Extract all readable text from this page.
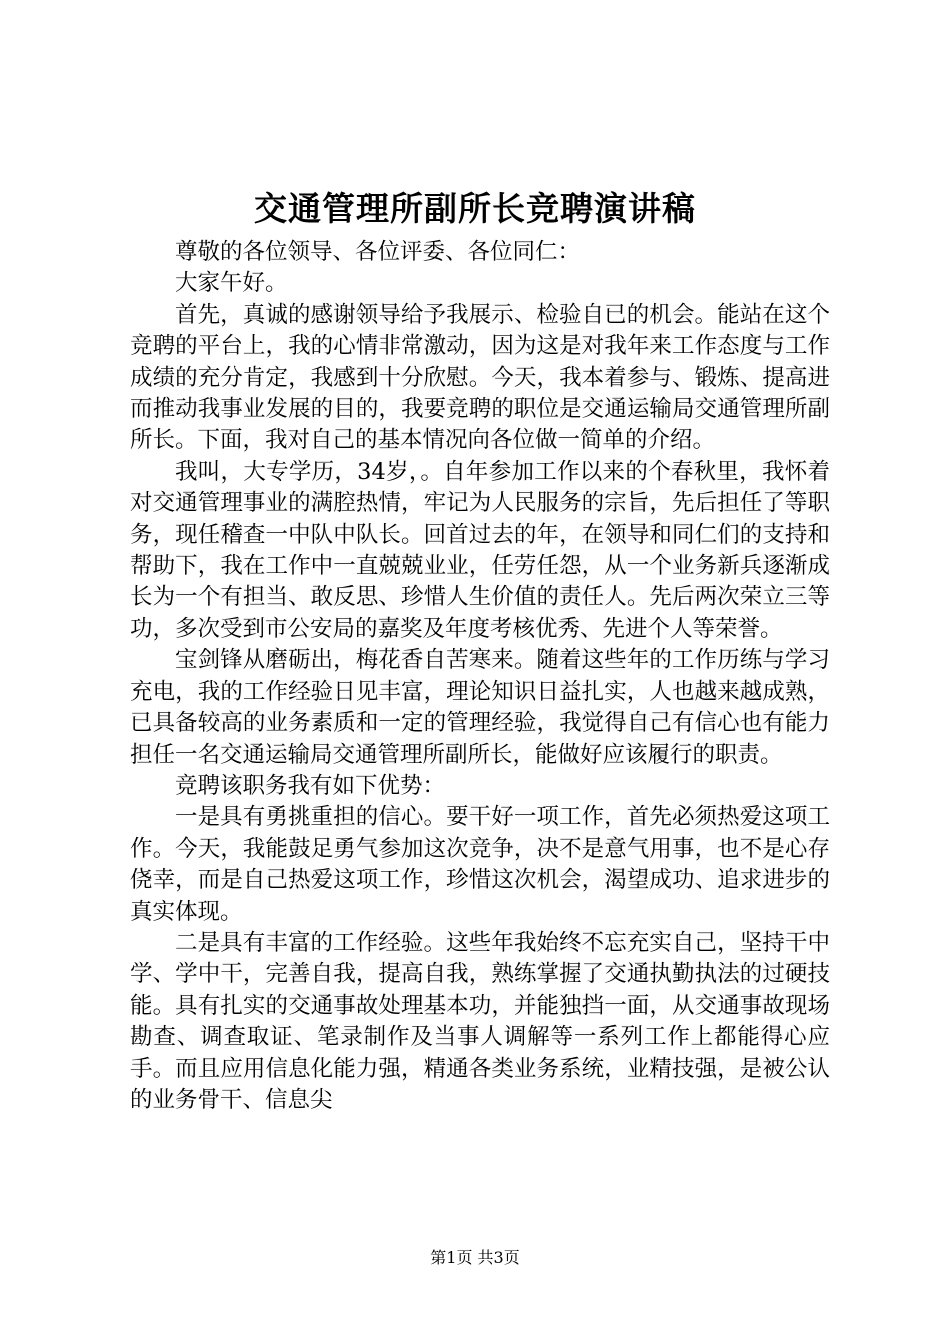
交通管理所副所长竞聘演讲稿

尊敬的各位领导、各位评委、各位同仁：

大家午好。

首先，真诚的感谢领导给予我展示、检验自已的机会。能站在这个竞聘的平台上，我的心情非常激动，因为这是对我年来工作态度与工作成绩的充分肯定，我感到十分欣慰。今天，我本着参与、锻炼、提高进而推动我事业发展的目的，我要竞聘的职位是交通运输局交通管理所副所长。下面，我对自己的基本情况向各位做一简单的介绍。

我叫，大专学历，34岁，。自年参加工作以来的个春秋里，我怀着对交通管理事业的满腔热情，牢记为人民服务的宗旨，先后担任了等职务，现任稽查一中队中队长。回首过去的年，在领导和同仁们的支持和帮助下，我在工作中一直兢兢业业，任劳任怨，从一个业务新兵逐渐成长为一个有担当、敢反思、珍惜人生价值的责任人。先后两次荣立三等功，多次受到市公安局的嘉奖及年度考核优秀、先进个人等荣誉。

宝剑锋从磨砺出，梅花香自苦寒来。随着这些年的工作历练与学习充电，我的工作经验日见丰富，理论知识日益扎实，人也越来越成熟，已具备较高的业务素质和一定的管理经验，我觉得自己有信心也有能力担任一名交通运输局交通管理所副所长，能做好应该履行的职责。

竞聘该职务我有如下优势：

一是具有勇挑重担的信心。要干好一项工作，首先必须热爱这项工作。今天，我能鼓足勇气参加这次竞争，决不是意气用事，也不是心存侥幸，而是自己热爱这项工作，珍惜这次机会，渴望成功、追求进步的真实体现。

二是具有丰富的工作经验。这些年我始终不忘充实自己，坚持干中学、学中干，完善自我，提高自我，熟练掌握了交通执勤执法的过硬技能。具有扎实的交通事故处理基本功，并能独挡一面，从交通事故现场勘查、调查取证、笔录制作及当事人调解等一系列工作上都能得心应手。而且应用信息化能力强，精通各类业务系统，业精技强，是被公认的业务骨干、信息尖

第1页 共3页
